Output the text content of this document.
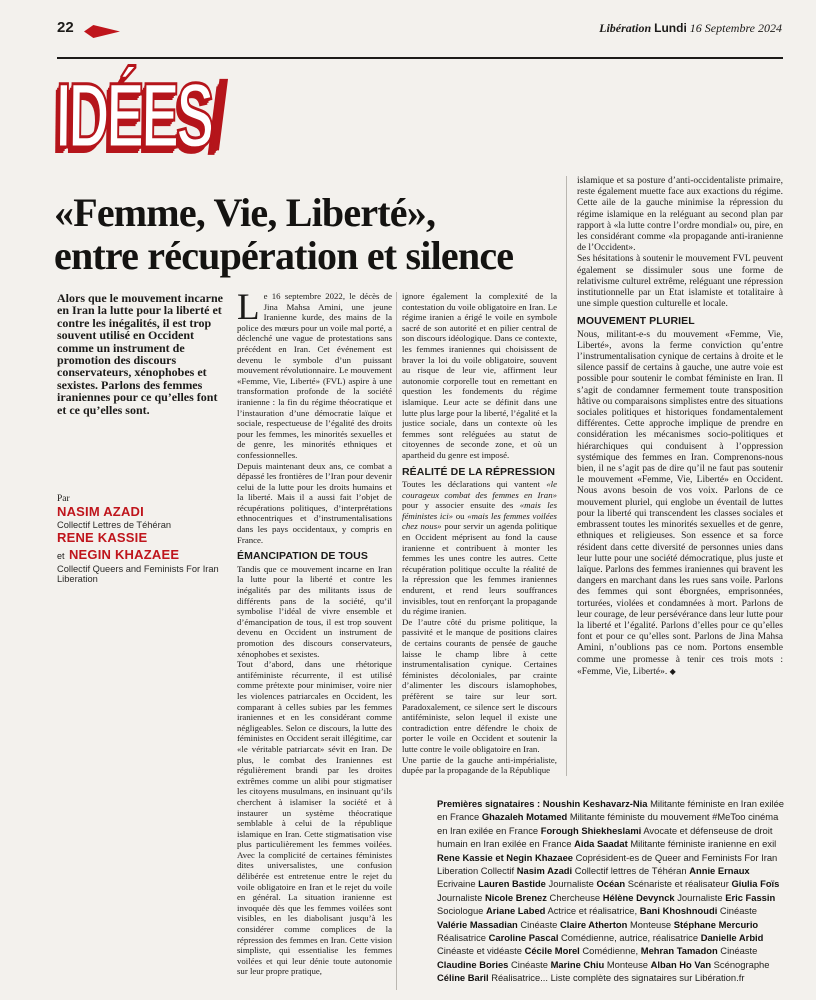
22	Libération Lundi 16 Septembre 2024
IDÉES/
«Femme, Vie, Liberté»,
entre récupération et silence
Alors que le mouvement incarne en Iran la lutte pour la liberté et contre les inégalités, il est trop souvent utilisé en Occident comme un instrument de promotion des discours conservateurs, xénophobes et sexistes. Parlons des femmes iraniennes pour ce qu’elles font et ce qu’elles sont.
Par
NASIM AZADI
Collectif Lettres de Téhéran
RENE KASSIE
et NEGIN KHAZAEE
Collectif Queers and Feminists For Iran Liberation

Le 16 septembre 2022, le décès de Jina Mahsa Amini, une jeune Iranienne kurde, des mains de la police des mœurs pour un voile mal porté, a déclenché une vague de protestations sans précédent en Iran. Cet événement est devenu le symbole d’un puissant mouvement révolutionnaire. Le mouvement «Femme, Vie, Liberté» (FVL) aspire à une transformation profonde de la société iranienne : la fin du régime théocratique et l’instauration d’une démocratie laïque et sociale, respectueuse de l’égalité des droits pour les femmes, les minorités sexuelles et de genre, les minorités ethniques et confessionnelles.

Depuis maintenant deux ans, ce combat a dépassé les frontières de l’Iran pour devenir celui de la lutte pour les droits humains et la liberté. Mais il a aussi fait l’objet de récupérations politiques, d’interprétations ethnocentriques et d’instrumentalisations dans les pays occidentaux, y compris en France.

ÉMANCIPATION DE TOUS

Tandis que ce mouvement incarne en Iran la lutte pour la liberté et contre les inégalités par des militants issus de différents pans de la société, qu’il symbolise l’idéal de vivre ensemble et d’émancipation de tous, il est trop souvent devenu en Occident un instrument de promotion des discours conservateurs, xénophobes et sexistes.

Tout d’abord, dans une rhétorique antiféministe récurrente, il est utilisé comme prétexte pour minimiser, voire nier les violences patriarcales en Occident, les comparant à celles subies par les femmes iraniennes et en les considérant comme négligeables. Selon ce discours, la lutte des féministes en Occident serait illégitime, car «le véritable patriarcat» sévit en Iran. De plus, le combat des Iraniennes est régulièrement brandi par les droites extrêmes comme un alibi pour stigmatiser les citoyens musulmans, en insinuant qu’ils cherchent à islamiser la société et à instaurer un système théocratique semblable à celui de la république islamique en Iran. Cette stigmatisation vise plus particulièrement les femmes voilées. Avec la complicité de certaines féministes dites universalistes, une confusion délibérée est entretenue entre le rejet du voile obligatoire en Iran et le rejet du voile en général. La situation iranienne est invoquée dès que les femmes voilées sont visibles, en les diabolisant jusqu’à les considérer comme complices de la répression des femmes en Iran. Cette vision simpliste, qui essentialise les femmes voilées et qui leur dénie toute autonomie sur leur propre pratique,

ignore également la complexité de la contestation du voile obligatoire en Iran. Le régime iranien a érigé le voile en symbole sacré de son autorité et en pilier central de son discours idéologique. Dans ce contexte, les femmes iraniennes qui choisissent de braver la loi du voile obligatoire, souvent au risque de leur vie, affirment leur autonomie corporelle tout en remettant en question les fondements du régime islamique. Leur acte se définit dans une lutte plus large pour la liberté, l’égalité et la justice sociale, dans un contexte où les femmes sont reléguées au statut de citoyennes de seconde zone, et où un apartheid du genre est imposé.

RÉALITÉ DE LA RÉPRESSION

Toutes les déclarations qui vantent «le courageux combat des femmes en Iran» pour y associer ensuite des «mais les féministes ici» ou «mais les femmes voilées chez nous» pour servir un agenda politique en Occident méprisent au fond la cause iranienne et contribuent à monter les femmes les unes contre les autres. Cette récupération politique occulte la réalité de la répression que les femmes iraniennes endurent, et rend leurs souffrances invisibles, tout en renforçant la propagande du régime iranien.

De l’autre côté du prisme politique, la passivité et le manque de positions claires de certains courants de pensée de gauche laisse le champ libre à cette instrumentalisation cynique. Certaines féministes décoloniales, par crainte d’alimenter les discours islamophobes, préfèrent se taire sur leur sort. Paradoxalement, ce silence sert le discours antiféministe, selon lequel il existe une contradiction entre défendre le choix de porter le voile en Occident et soutenir la lutte contre le voile obligatoire en Iran.

Une partie de la gauche anti-impérialiste, dupée par la propagande de la République

islamique et sa posture d’anti-occidentaliste primaire, reste également muette face aux exactions du régime. Cette aile de la gauche minimise la répression du régime islamique en la reléguant au second plan par rapport à «la lutte contre l’ordre mondial» ou, pire, en les considérant comme «la propagande anti-iranienne de l’Occident».

Ses hésitations à soutenir le mouvement FVL peuvent également se dissimuler sous une forme de relativisme culturel extrême, reléguant une répression institutionnelle par un Etat islamiste et totalitaire à une simple question culturelle et locale.

MOUVEMENT PLURIEL

Nous, militant-e-s du mouvement «Femme, Vie, Liberté», avons la ferme conviction qu’entre l’instrumentalisation cynique de certains à droite et le silence passif de certains à gauche, une autre voie est possible pour soutenir le combat féministe en Iran. Il s’agit de condamner fermement toute transposition hâtive ou comparaisons simplistes entre des situations sociales politiques et historiques fondamentalement différentes. Cette approche implique de prendre en considération les mécanismes socio-politiques et hiérarchiques qui conduisent à l’oppression systémique des femmes en Iran. Comprenons-nous bien, il ne s’agit pas de dire qu’il ne faut pas soutenir le mouvement «Femme, Vie, Liberté» en Occident. Nous avons besoin de vos voix. Parlons de ce mouvement pluriel, qui englobe un éventail de luttes pour la liberté qui transcendent les classes sociales et embrassent toutes les minorités sexuelles et de genre, ethniques et religieuses. Son essence et sa force résident dans cette diversité de personnes unies dans leur lutte pour une société démocratique, plus juste et laïque. Parlons des femmes iraniennes qui bravent les dangers en marchant dans les rues sans voile. Parlons des femmes qui sont éborgnées, emprisonnées, torturées, violées et condamnées à mort. Parlons de leur courage, de leur persévérance dans leur lutte pour la liberté et l’égalité. Parlons d’elles pour ce qu’elles font et pour ce qu’elles sont. Parlons de Jina Mahsa Amini, n’oublions pas ce nom. Portons ensemble comme une promesse à tenir ces trois mots : «Femme, Vie, Liberté». ◆

Premières signataires : Noushin Keshavarz-Nia Militante féministe en Iran exilée en France Ghazaleh Motamed Militante féministe du mouvement #MeToo cinéma en Iran exilée en France Forough Shiekheslami Avocate et défenseuse de droit humain en Iran exilée en France Aida Saadat Militante féministe iranienne en exil Rene Kassie et Negin Khazaee Coprésident-es de Queer and Feminists For Iran Liberation Collectif Nasim Azadi Collectif lettres de Téhéran Annie Ernaux Ecrivaine Lauren Bastide Journaliste Océan Scénariste et réalisateur Giulia Foïs Journaliste Nicole Brenez Chercheuse Hélène Devynck Journaliste Eric Fassin Sociologue Ariane Labed Actrice et réalisatrice, Bani Khoshnoudi Cinéaste Valérie Massadian Cinéaste Claire Atherton Monteuse Stéphane Mercurio Réalisatrice Caroline Pascal Comédienne, autrice, réalisatrice Danielle Arbid Cinéaste et vidéaste Cécile Morel Comédienne, Mehran Tamadon Cinéaste Claudine Bories Cinéaste Marine Chiu Monteuse Alban Ho Van Scénographe Céline Baril Réalisatrice... Liste complète des signataires sur Libération.fr
